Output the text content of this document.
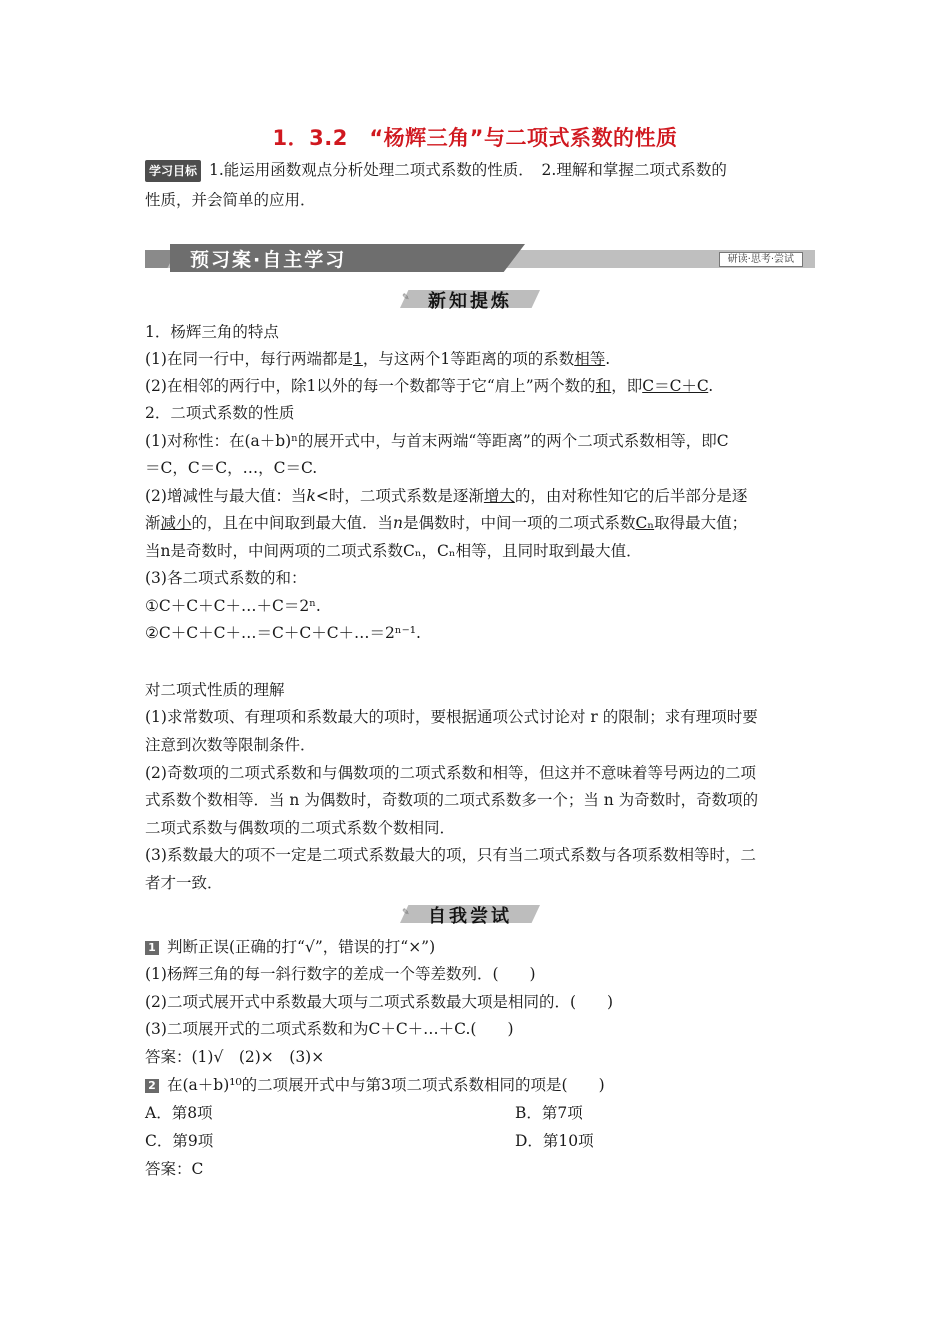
1．3.2　“杨辉三角”与二项式系数的性质
学习目标 1.能运用函数观点分析处理二项式系数的性质．　2.理解和掌握二项式系数的
性质，并会简单的应用．
预习案·自主学习	研读·思考·尝试
✎ 新知提炼
1．杨辉三角的特点
(1)在同一行中，每行两端都是1，与这两个1等距离的项的系数相等.
(2)在相邻的两行中，除1以外的每一个数都等于它“肩上”两个数的和，即C＝C＋C.
2．二项式系数的性质
(1)对称性：在(a＋b)ⁿ的展开式中，与首末两端“等距离”的两个二项式系数相等，即C
＝C，C＝C，…，C＝C.
(2)增减性与最大值：当k<时，二项式系数是逐渐增大的，由对称性知它的后半部分是逐
渐减小的，且在中间取到最大值．当n是偶数时，中间一项的二项式系数Cₙ取得最大值；
当n是奇数时，中间两项的二项式系数Cₙ，Cₙ相等，且同时取到最大值．
(3)各二项式系数的和：
①C＋C＋C＋…＋C＝2ⁿ.
②C＋C＋C＋…＝C＋C＋C＋…＝2ⁿ⁻¹.
对二项式性质的理解
(1)求常数项、有理项和系数最大的项时，要根据通项公式讨论对 r 的限制；求有理项时要
注意到次数等限制条件．
(2)奇数项的二项式系数和与偶数项的二项式系数和相等，但这并不意味着等号两边的二项
式系数个数相等．当 n 为偶数时，奇数项的二项式系数多一个；当 n 为奇数时，奇数项的
二项式系数与偶数项的二项式系数个数相同．
(3)系数最大的项不一定是二项式系数最大的项，只有当二项式系数与各项系数相等时，二
者才一致．
✎ 自我尝试
1 判断正误(正确的打“√”，错误的打“×”)
(1)杨辉三角的每一斜行数字的差成一个等差数列．(　　)
(2)二项式展开式中系数最大项与二项式系数最大项是相同的．(　　)
(3)二项展开式的二项式系数和为C＋C＋…＋C.(　　)
答案：(1)√　(2)×　(3)×
2 在(a＋b)¹⁰的二项展开式中与第3项二项式系数相同的项是(　　)
A．第8项	B．第7项
C．第9项	D．第10项
答案：C
